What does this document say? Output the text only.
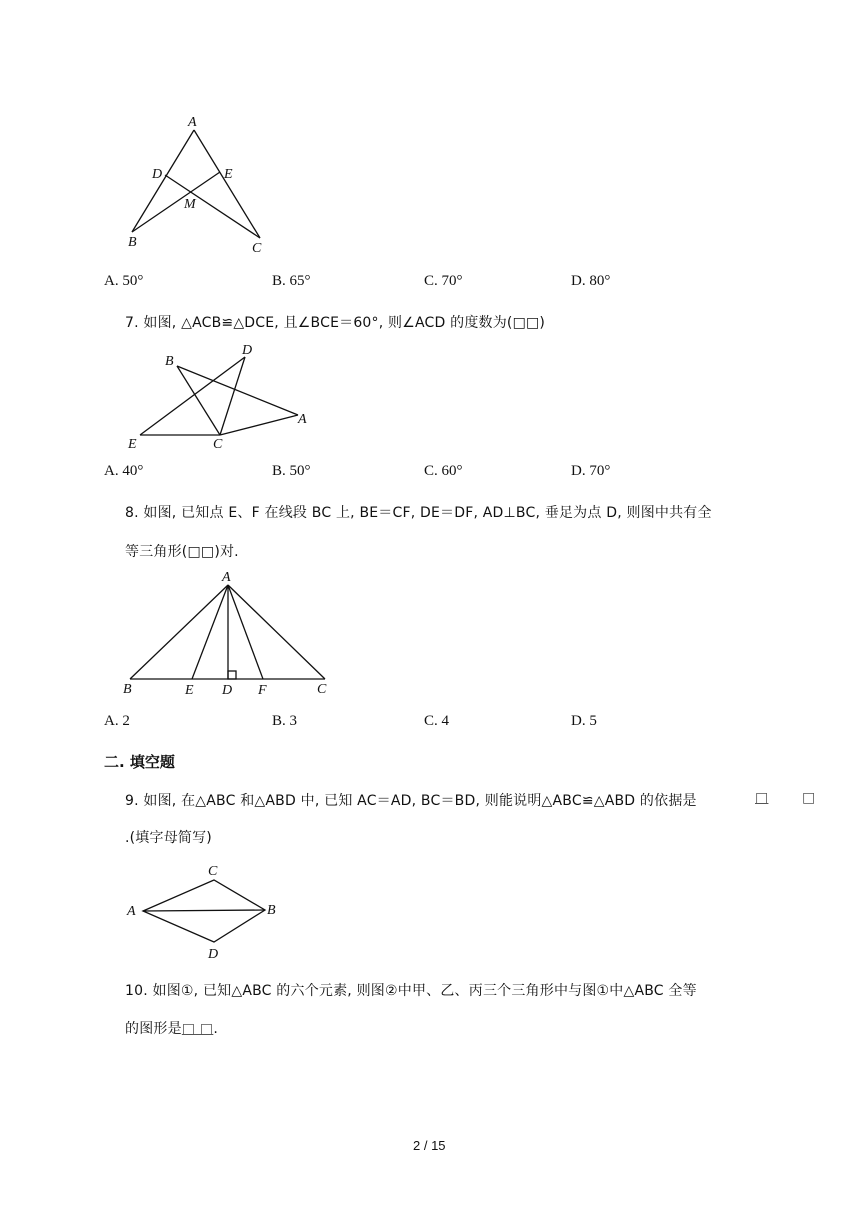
A
D	E
M
B	C
A. 50°	B. 65°	C. 70°	D. 80°
7. 如图, △ACB≌△DCE, 且∠BCE＝60°, 则∠ACD 的度数为(□□)
B
D
A
E	C
A. 40°	B. 50°	C. 60°	D. 70°
8. 如图, 已知点 E、F 在线段 BC 上, BE＝CF, DE＝DF, AD⊥BC, 垂足为点 D, 则图中共有全
等三角形(□□)对.
A
B	E D F	C
A. 2	B. 3	C. 4	D. 5
二. 填空题
9. 如图, 在△ABC 和△ABD 中, 已知 AC＝AD, BC＝BD, 则能说明△ABC≌△ABD 的依据是	□ □
.(填字母简写)
C
A	B
D
10. 如图①, 已知△ABC 的六个元素, 则图②中甲、乙、丙三个三角形中与图①中△ABC 全等
的图形是□ □.
2 / 15
